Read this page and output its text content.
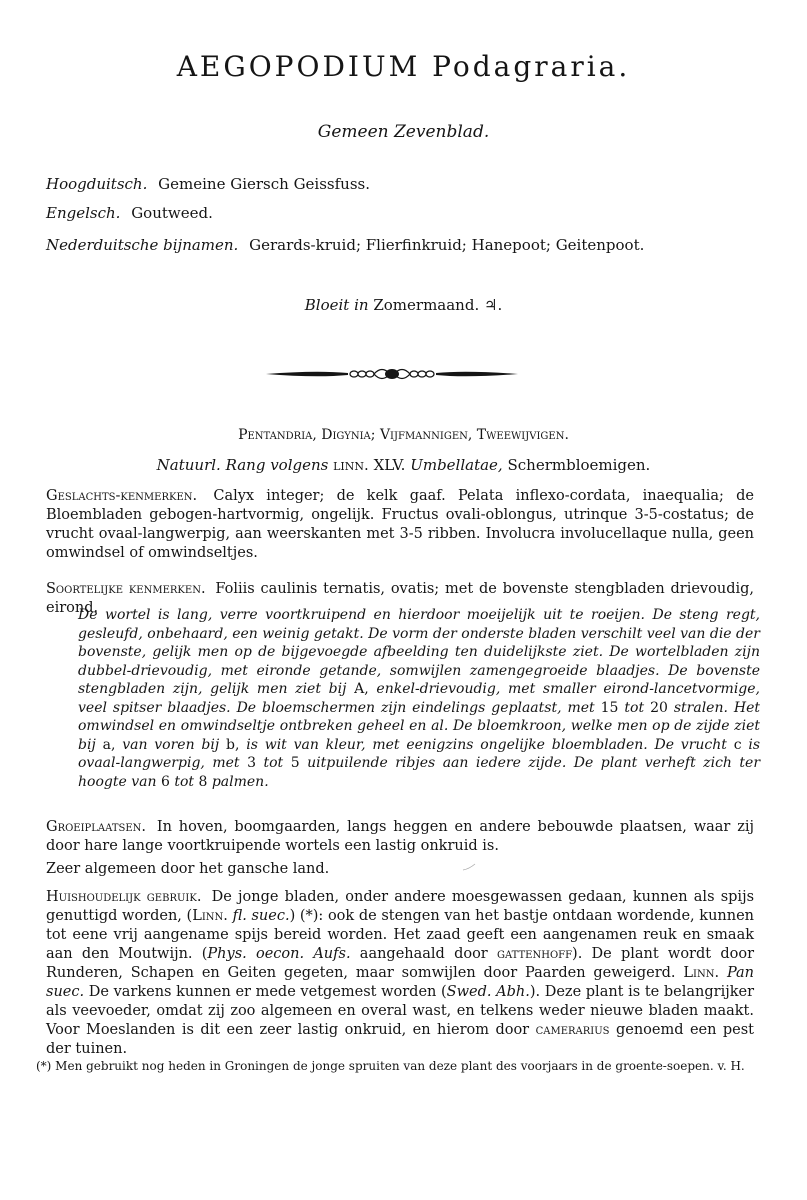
AEGOPODIUM Podagraria.
Gemeen Zevenblad.
Hoogduitsch. Gemeine Giersch Geissfuss.
Engelsch. Goutweed.
Nederduitsche bijnamen. Gerards-kruid; Flierfinkruid; Hanepoot; Geitenpoot.
Bloeit in Zomermaand. ♃.
Pentandria, Digynia; Vijfmannigen, Tweewijvigen.
Natuurl. Rang volgens linn. XLV. Umbellatae, Schermbloemigen.
Geslachts-kenmerken. Calyx integer; de kelk gaaf. Pelata inflexo-cordata, inaequalia; de Bloembladen gebogen-hartvormig, ongelijk. Fructus ovali-oblongus, utrinque 3-5-costatus; de vrucht ovaal-langwerpig, aan weerskanten met 3-5 ribben. Involucra involucellaque nulla, geen omwindsel of omwindseltjes.
Soortelijke kenmerken. Foliis caulinis ternatis, ovatis; met de bovenste stengbladen drievoudig, eirond.
De wortel is lang, verre voortkruipend en hierdoor moeijelijk uit te roeijen. De steng regt, gesleufd, onbehaard, een weinig getakt. De vorm der onderste bladen verschilt veel van die der bovenste, gelijk men op de bijgevoegde afbeelding ten duidelijkste ziet. De wortelbladen zijn dubbel-drievoudig, met eironde getande, somwijlen zamengegroeide blaadjes. De bovenste stengbladen zijn, gelijk men ziet bij A, enkel-drievoudig, met smaller eirond-lancetvormige, veel spitser blaadjes. De bloemschermen zijn eindelings geplaatst, met 15 tot 20 stralen. Het omwindsel en omwindseltje ontbreken geheel en al. De bloemkroon, welke men op de zijde ziet bij a, van voren bij b, is wit van kleur, met eenigzins ongelijke bloembladen. De vrucht c is ovaal-langwerpig, met 3 tot 5 uitpuilende ribjes aan iedere zijde. De plant verheft zich ter hoogte van 6 tot 8 palmen.
Groeiplaatsen. In hoven, boomgaarden, langs heggen en andere bebouwde plaatsen, waar zij door hare lange voortkruipende wortels een lastig onkruid is.
Zeer algemeen door het gansche land.
Huishoudelijk gebruik. De jonge bladen, onder andere moesgewassen gedaan, kunnen als spijs genuttigd worden, (Linn. fl. suec.) (*): ook de stengen van het bastje ontdaan wordende, kunnen tot eene vrij aangename spijs bereid worden. Het zaad geeft een aangenamen reuk en smaak aan den Moutwijn. (Phys. oecon. Aufs. aangehaald door gattenhoff). De plant wordt door Runderen, Schapen en Geiten gegeten, maar somwijlen door Paarden geweigerd. Linn. Pan suec. De varkens kunnen er mede vetgemest worden (Swed. Abh.). Deze plant is te belangrijker als veevoeder, omdat zij zoo algemeen en overal wast, en telkens weder nieuwe bladen maakt. Voor Moeslanden is dit een zeer lastig onkruid, en hierom door camerarius genoemd een pest der tuinen.
(*) Men gebruikt nog heden in Groningen de jonge spruiten van deze plant des voorjaars in de groente-soepen. v. H.
